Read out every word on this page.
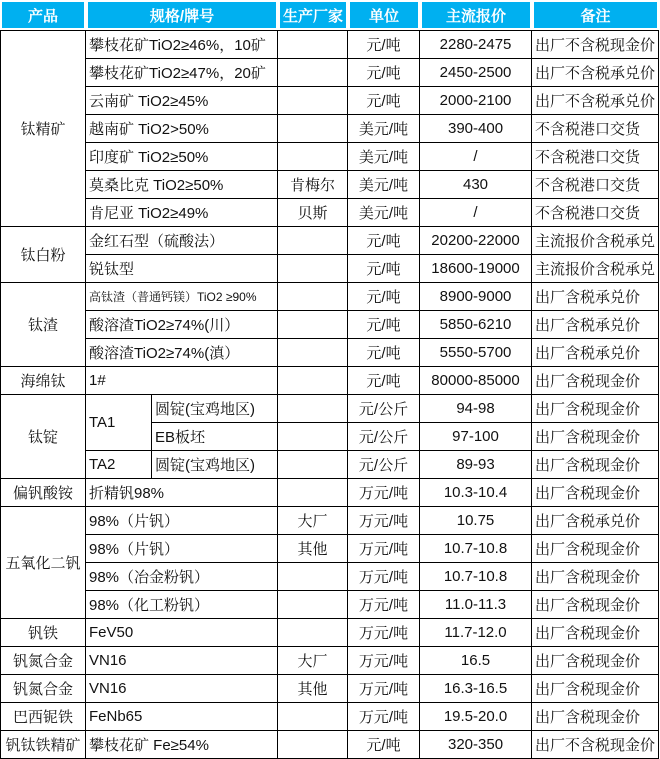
产品	规格/牌号		生产厂家	单位	主流报价	备注
钛精矿	攀枝花矿TiO2≥46%，10矿			元/吨	2280-2475	出厂不含税现金价
	攀枝花矿TiO2≥47%，20矿			元/吨	2450-2500	出厂不含税承兑价
	云南矿 TiO2≥45%			元/吨	2000-2100	出厂不含税承兑价
	越南矿 TiO2>50%			美元/吨	390-400	不含税港口交货
	印度矿 TiO2≥50%			美元/吨	/	不含税港口交货
	莫桑比克 TiO2≥50%		肯梅尔	美元/吨	430	不含税港口交货
	肯尼亚 TiO2≥49%		贝斯	美元/吨	/	不含税港口交货
钛白粉	金红石型（硫酸法）			元/吨	20200-22000	主流报价含税承兑
	锐钛型			元/吨	18600-19000	主流报价含税承兑
钛渣	高钛渣（普通钙镁）TiO2 ≥90%			元/吨	8900-9000	出厂含税承兑价
	酸溶渣TiO2≥74%(川）			元/吨	5850-6210	出厂含税承兑价
	酸溶渣TiO2≥74%(滇）			元/吨	5550-5700	出厂含税承兑价
海绵钛	1#			元/吨	80000-85000	出厂含税现金价
钛锭	TA1	圆锭(宝鸡地区)		元/公斤	94-98	出厂含税现金价
		EB板坯		元/公斤	97-100	出厂含税现金价
	TA2	圆锭(宝鸡地区)		元/公斤	89-93	出厂含税现金价
偏钒酸铵	折精钒98%			万元/吨	10.3-10.4	出厂含税现金价
五氧化二钒	98%（片钒）		大厂	万元/吨	10.75	出厂含税承兑价
	98%（片钒）		其他	万元/吨	10.7-10.8	出厂含税现金价
	98%（冶金粉钒）			万元/吨	10.7-10.8	出厂含税现金价
	98%（化工粉钒）			万元/吨	11.0-11.3	出厂含税现金价
钒铁	FeV50			万元/吨	11.7-12.0	出厂含税现金价
钒氮合金	VN16		大厂	万元/吨	16.5	出厂含税现金价
钒氮合金	VN16		其他	万元/吨	16.3-16.5	出厂含税现金价
巴西铌铁	FeNb65			万元/吨	19.5-20.0	出厂含税现金价
钒钛铁精矿	攀枝花矿 Fe≥54%			元/吨	320-350	出厂不含税现金价
